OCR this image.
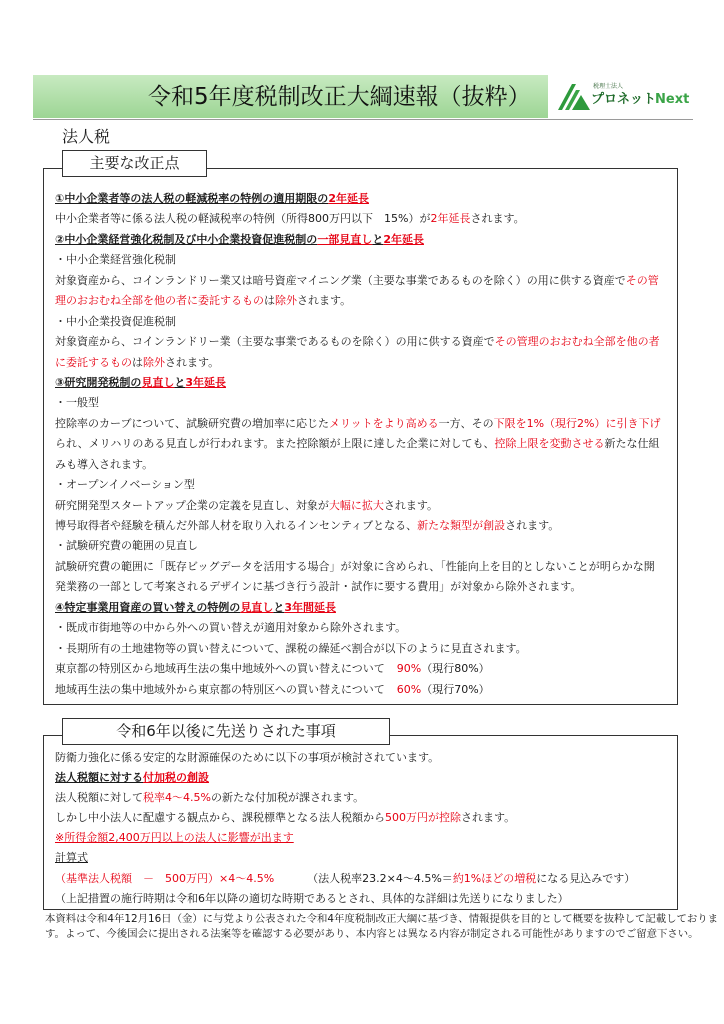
令和5年度税制改正大綱速報（抜粋）	税理士法人
プロネット
Next
法人税
主要な改正点
①中小企業者等の法人税の軽減税率の特例の適用期限の2年延長
中小企業者等に係る法人税の軽減税率の特例（所得800万円以下　15%）が2年延長されます。
②中小企業経営強化税制及び中小企業投資促進税制の一部見直しと2年延長
・中小企業経営強化税制
対象資産から、コインランドリー業又は暗号資産マイニング業（主要な事業であるものを除く）の用に供する資産でその管
理のおおむね全部を他の者に委託するものは除外されます。
・中小企業投資促進税制
対象資産から、コインランドリー業（主要な事業であるものを除く）の用に供する資産でその管理のおおむね全部を他の者
に委託するものは除外されます。
③研究開発税制の見直しと3年延長
・一般型
控除率のカーブについて、試験研究費の増加率に応じたメリットをより高める一方、その下限を1%（現行2%）に引き下げ
られ、メリハリのある見直しが行われます。また控除額が上限に達した企業に対しても、控除上限を変動させる新たな仕組
みも導入されます。
・オープンイノベーション型
研究開発型スタートアップ企業の定義を見直し、対象が大幅に拡大されます。
博号取得者や経験を積んだ外部人材を取り入れるインセンティブとなる、新たな類型が創設されます。
・試験研究費の範囲の見直し
試験研究費の範囲に「既存ビッグデータを活用する場合」が対象に含められ、「性能向上を目的としないことが明らかな開
発業務の一部として考案されるデザインに基づき行う設計・試作に要する費用」が対象から除外されます。
④特定事業用資産の買い替えの特例の見直しと3年間延長
・既成市街地等の中から外への買い替えが適用対象から除外されます。
・長期所有の土地建物等の買い替えについて、課税の繰延べ割合が以下のように見直されます。
東京都の特別区から地域再生法の集中地域外への買い替えについて 90%（現行80%）
地域再生法の集中地域外から東京都の特別区への買い替えについて 60%（現行70%）
令和6年以後に先送りされた事項
防衛力強化に係る安定的な財源確保のために以下の事項が検討されています。
法人税額に対する付加税の創設
法人税額に対して税率4～4.5%の新たな付加税が課されます。
しかし中小法人に配慮する観点から、課税標準となる法人税額から500万円が控除されます。
※所得金額2,400万円以上の法人に影響が出ます
計算式
（基準法人税額　－　500万円）×4～4.5%	（法人税率23.2×4～4.5%＝約1%ほどの増税になる見込みです）
（上記措置の施行時期は令和6年以降の適切な時期であるとされ、具体的な詳細は先送りになりました）
本資料は令和4年12月16日（金）に与党より公表された令和4年度税制改正大綱に基づき、情報提供を目的として概要を抜粋して記載しておりま
す。よって、今後国会に提出される法案等を確認する必要があり、本内容とは異なる内容が制定される可能性がありますのでご留意下さい。
